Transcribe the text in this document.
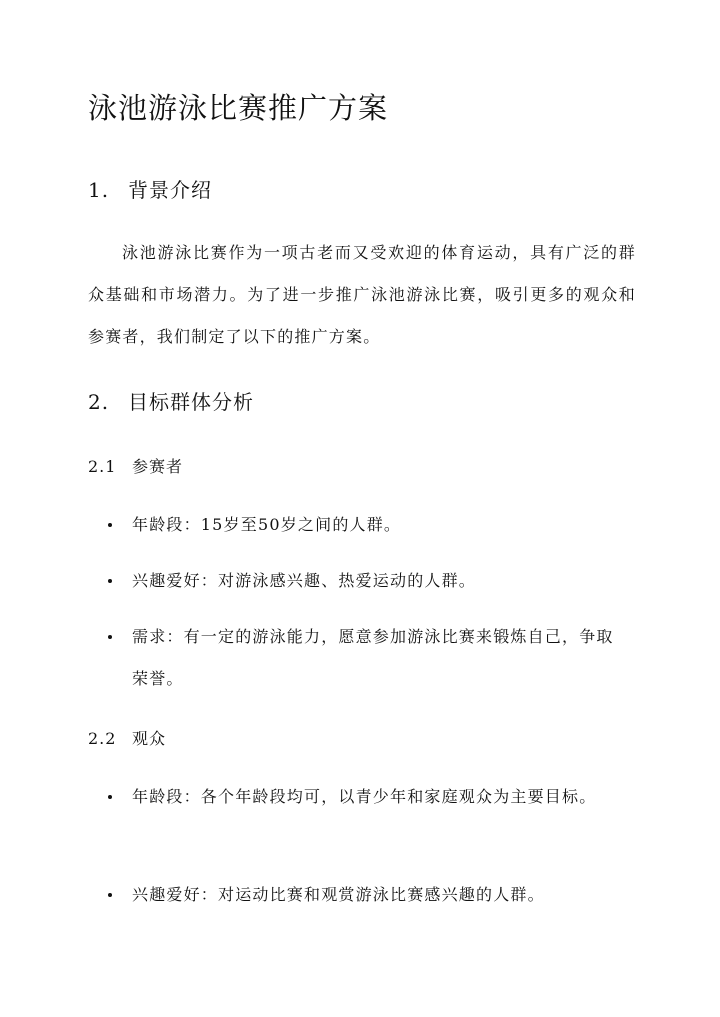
泳池游泳比赛推广方案
1. 背景介绍

泳池游泳比赛作为一项古老而又受欢迎的体育运动，具有广泛的群众基础和市场潜力。为了进一步推广泳池游泳比赛，吸引更多的观众和参赛者，我们制定了以下的推广方案。

2. 目标群体分析
2.1 参赛者
年龄段：15岁至50岁之间的人群。
兴趣爱好：对游泳感兴趣、热爱运动的人群。
需求：有一定的游泳能力，愿意参加游泳比赛来锻炼自己，争取荣誉。
2.2 观众
年龄段：各个年龄段均可，以青少年和家庭观众为主要目标。
兴趣爱好：对运动比赛和观赏游泳比赛感兴趣的人群。
